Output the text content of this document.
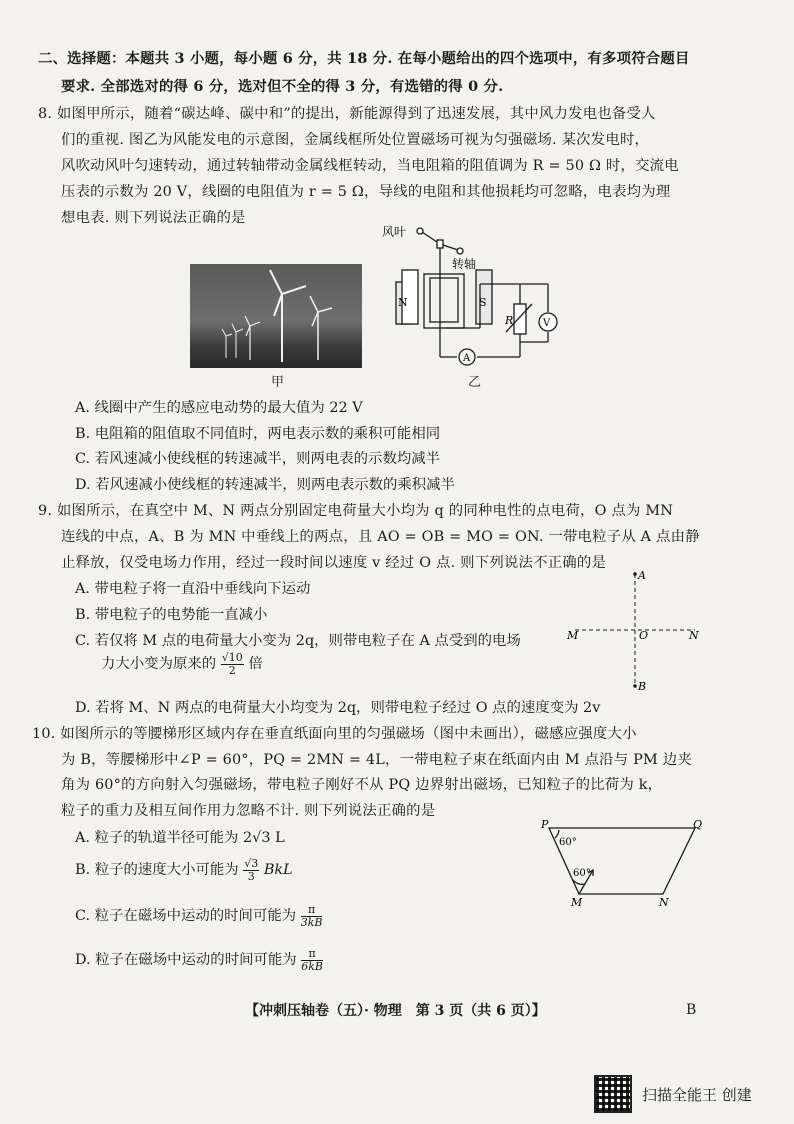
二、选择题：本题共 3 小题，每小题 6 分，共 18 分. 在每小题给出的四个选项中，有多项符合题目
要求. 全部选对的得 6 分，选对但不全的得 3 分，有选错的得 0 分.
8. 如图甲所示，随着“碳达峰、碳中和”的提出，新能源得到了迅速发展，其中风力发电也备受人
们的重视. 图乙为风能发电的示意图，金属线框所处位置磁场可视为匀强磁场. 某次发电时，
风吹动风叶匀速转动，通过转轴带动金属线框转动，当电阻箱的阻值调为 R = 50 Ω 时，交流电
压表的示数为 20 V，线圈的电阻值为 r = 5 Ω，导线的电阻和其他损耗均可忽略，电表均为理
想电表. 则下列说法正确的是
甲
风叶
转轴
N	S
R	V
A
乙
A. 线圈中产生的感应电动势的最大值为 22 V
B. 电阻箱的阻值取不同值时，两电表示数的乘积可能相同
C. 若风速减小使线框的转速减半，则两电表的示数均减半
D. 若风速减小使线框的转速减半，则两电表示数的乘积减半
9. 如图所示，在真空中 M、N 两点分别固定电荷量大小均为 q 的同种电性的点电荷，O 点为 MN
连线的中点，A、B 为 MN 中垂线上的两点，且 AO = OB = MO = ON. 一带电粒子从 A 点由静
止释放，仅受电场力作用，经过一段时间以速度 v 经过 O 点. 则下列说法不正确的是
A. 带电粒子将一直沿中垂线向下运动
B. 带电粒子的电势能一直减小
C. 若仅将 M 点的电荷量大小变为 2q，则带电粒子在 A 点受到的电场
力大小变为原来的 $\frac{√10}{2}$ 倍
D. 若将 M、N 两点的电荷量大小均变为 2q，则带电粒子经过 O 点的速度变为 2v
A
B
M	N
O
10. 如图所示的等腰梯形区域内存在垂直纸面向里的匀强磁场（图中未画出），磁感应强度大小
为 B，等腰梯形中∠P = 60°，PQ = 2MN = 4L，一带电粒子束在纸面内由 M 点沿与 PM 边夹
角为 60°的方向射入匀强磁场，带电粒子刚好不从 PQ 边界射出磁场，已知粒子的比荷为 k，
粒子的重力及相互间作用力忽略不计. 则下列说法正确的是
A. 粒子的轨道半径可能为 2√3 L
B. 粒子的速度大小可能为 $\frac{√3}{3}$ BkL
C. 粒子在磁场中运动的时间可能为 $\frac{\pi}{3kB}$
D. 粒子在磁场中运动的时间可能为 $\frac{\pi}{6kB}$
P	Q
M	N
60°
60°
【冲刺压轴卷（五）· 物理　第 3 页（共 6 页）】	B
扫描全能王 创建
